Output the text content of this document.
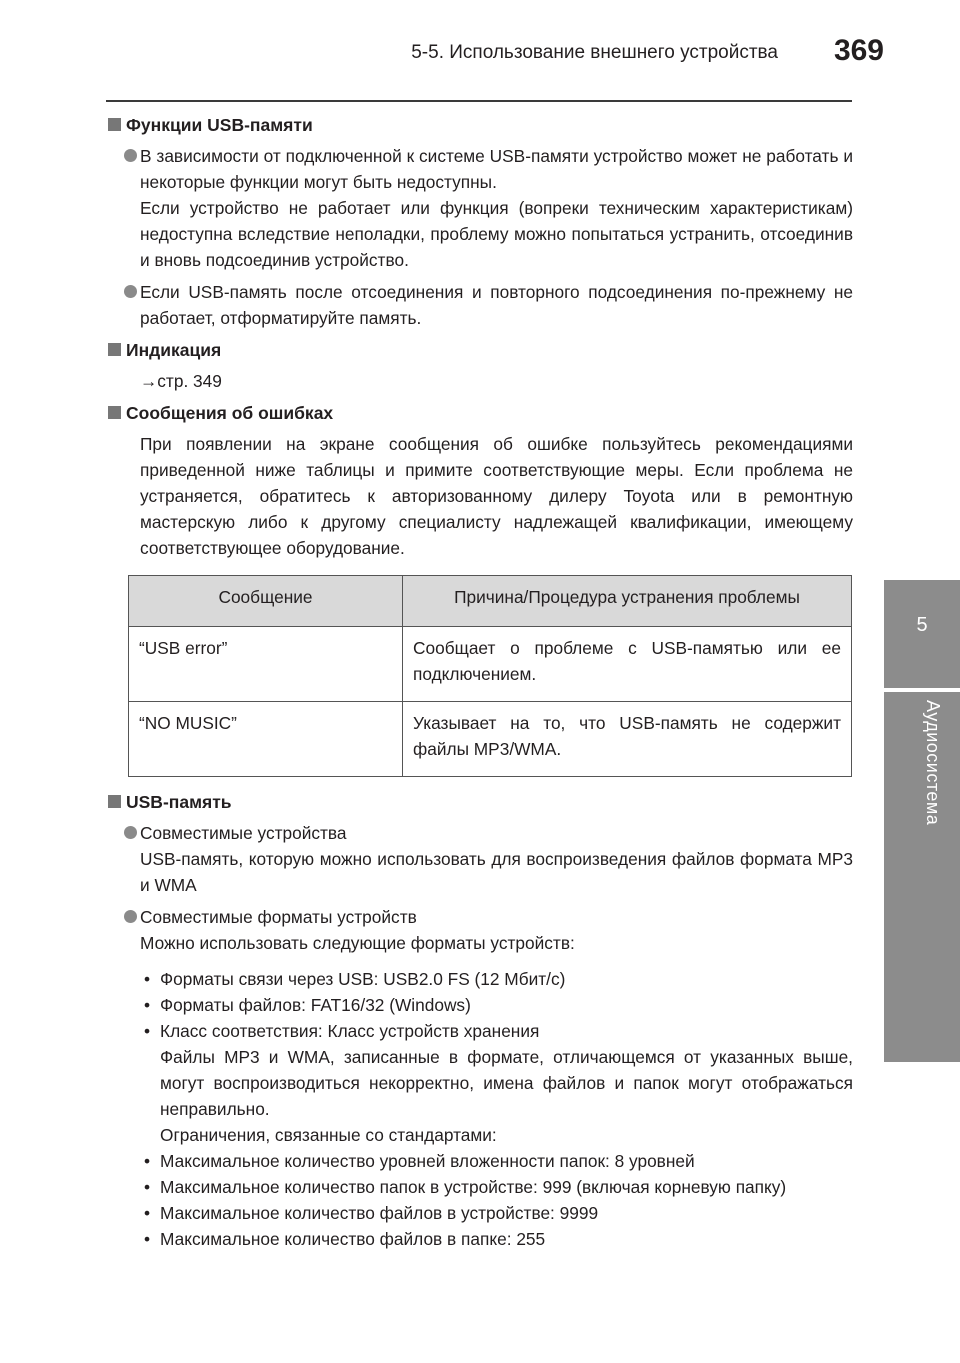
5-5. Использование внешнего устройства 369
5
Аудиосистема
Функции USB-памяти
В зависимости от подключенной к системе USB-памяти устройство может не работать и некоторые функции могут быть недоступны.
Если устройство не работает или функция (вопреки техническим характеристикам) недоступна вследствие неполадки, проблему можно попытаться устранить, отсоединив и вновь подсоединив устройство.
Если USB-память после отсоединения и повторного подсоединения по-прежнему не работает, отформатируйте память.
Индикация
→стр. 349
Сообщения об ошибках
При появлении на экране сообщения об ошибке пользуйтесь рекомендациями приведенной ниже таблицы и примите соответствующие меры. Если проблема не устраняется, обратитесь к авторизованному дилеру Toyota или в ремонтную мастерскую либо к другому специалисту надлежащей квалификации, имеющему соответствующее оборудование.
Сообщение	Причина/Процедура устранения проблемы
“USB error”	Сообщает о проблеме с USB-памятью или ее подключением.
“NO MUSIC”	Указывает на то, что USB-память не содержит файлы MP3/WMA.
USB-память
Совместимые устройства
USB-память, которую можно использовать для воспроизведения файлов формата MP3 и WMA
Совместимые форматы устройств
Можно использовать следующие форматы устройств:
• Форматы связи через USB: USB2.0 FS (12 Мбит/с)
• Форматы файлов: FAT16/32 (Windows)
• Класс соответствия: Класс устройств хранения
Файлы MP3 и WMA, записанные в формате, отличающемся от указанных выше, могут воспроизводиться некорректно, имена файлов и папок могут отображаться неправильно.
Ограничения, связанные со стандартами:
• Максимальное количество уровней вложенности папок: 8 уровней
• Максимальное количество папок в устройстве: 999 (включая корневую папку)
• Максимальное количество файлов в устройстве: 9999
• Максимальное количество файлов в папке: 255
